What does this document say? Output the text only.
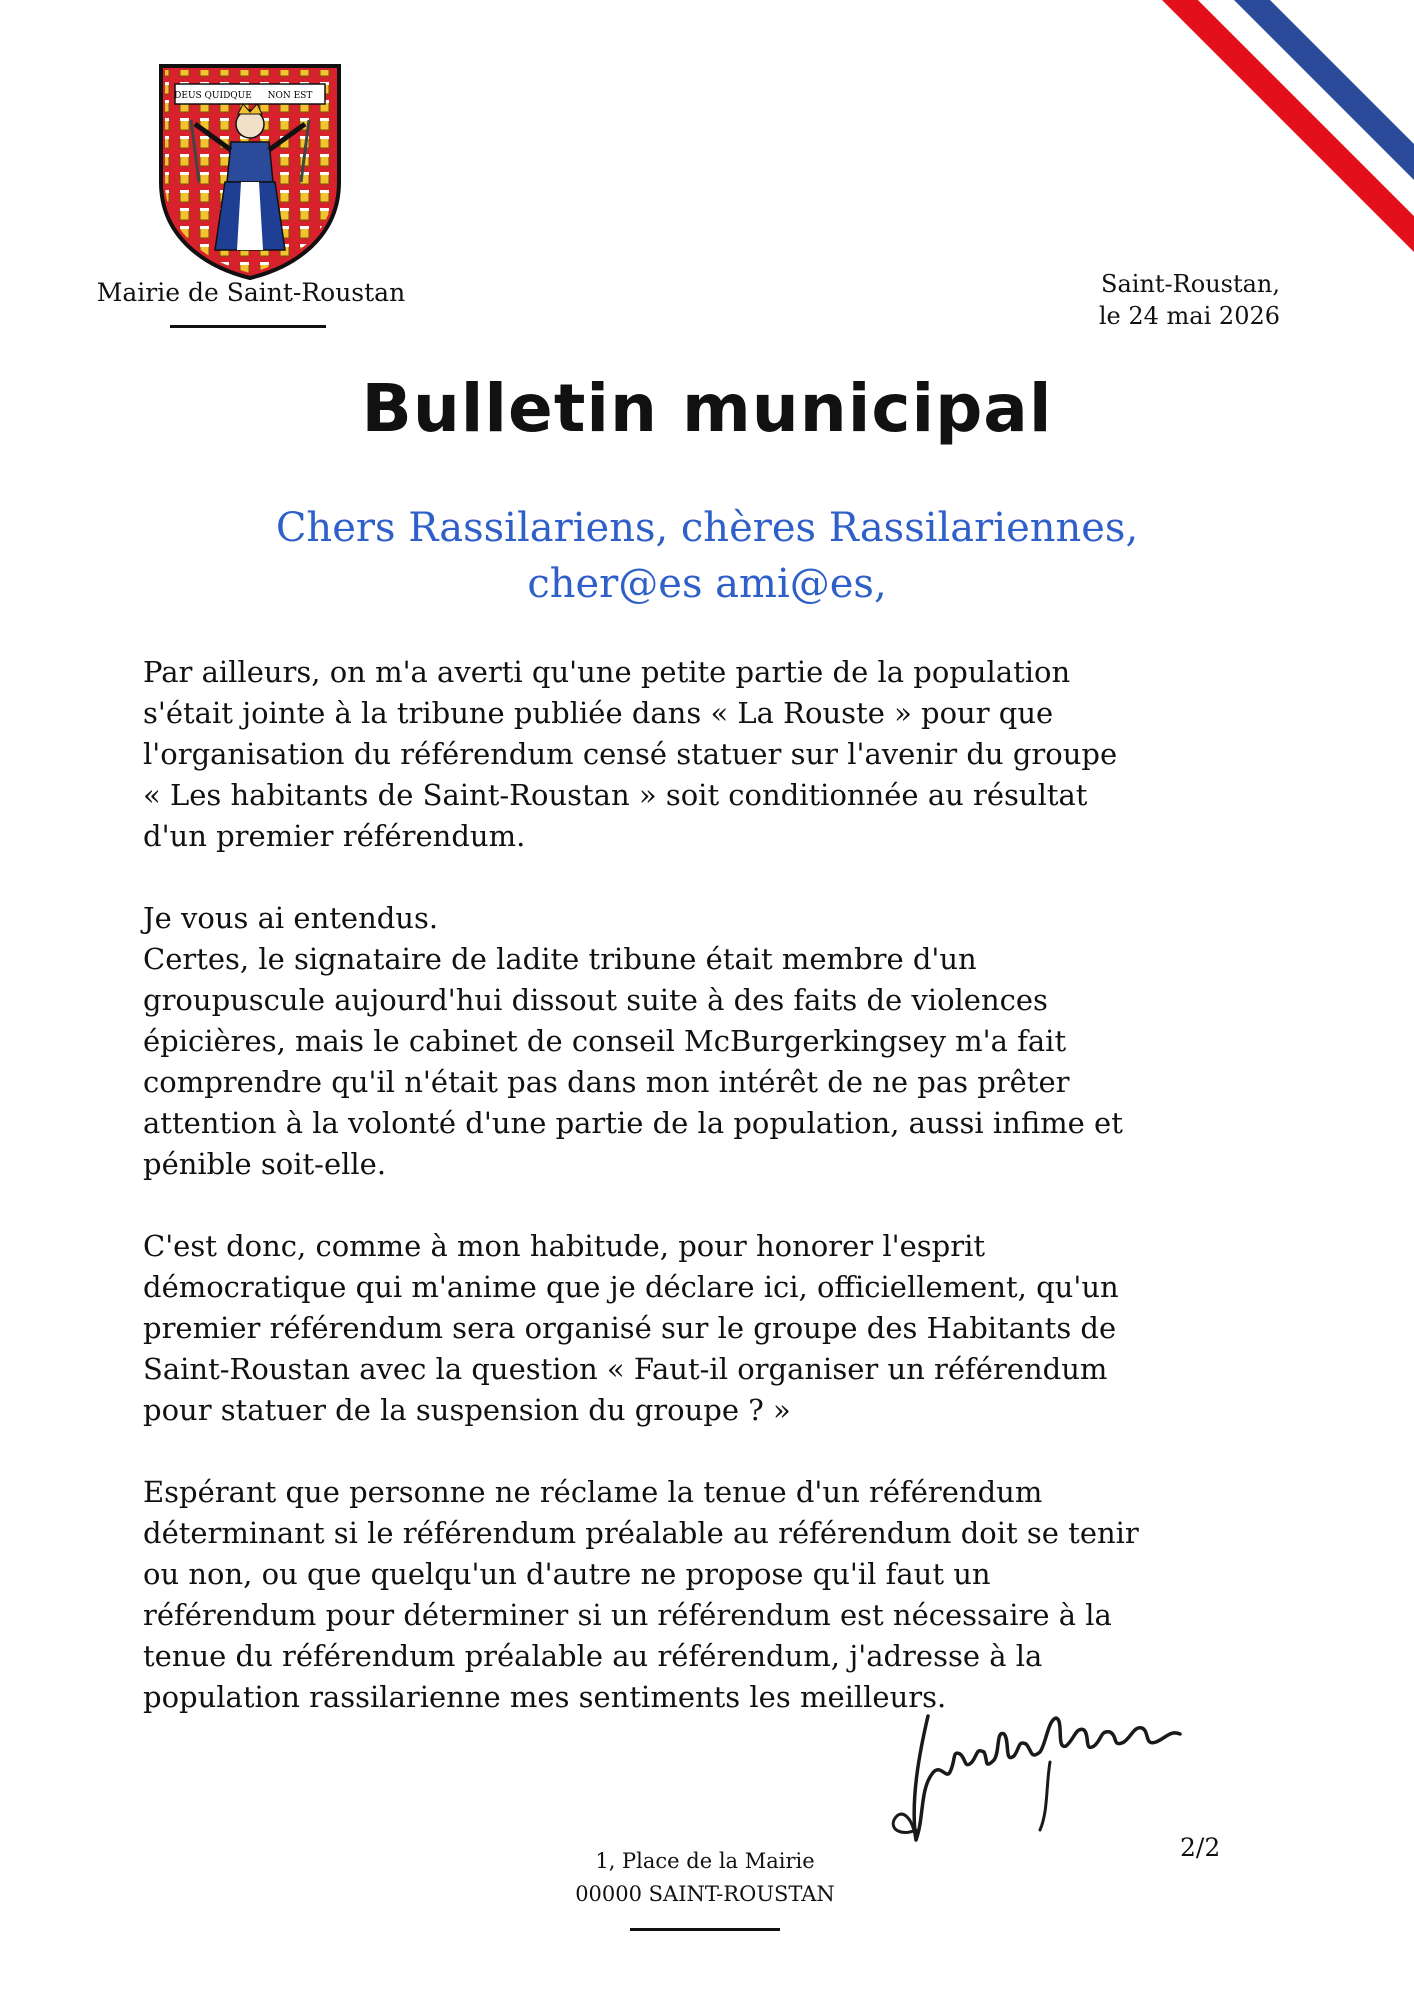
DEUS QUIDQUE NON EST
Mairie de Saint-Roustan	Saint-Roustan,
le 24 mai 2026
Bulletin municipal
Chers Rassilariens, chères Rassilariennes,
cher@es ami@es,

Par ailleurs, on m'a averti qu'une petite partie de la population
s'était jointe à la tribune publiée dans « La Rouste » pour que
l'organisation du référendum censé statuer sur l'avenir du groupe
« Les habitants de Saint-Roustan » soit conditionnée au résultat
d'un premier référendum.

Je vous ai entendus.
Certes, le signataire de ladite tribune était membre d'un
groupuscule aujourd'hui dissout suite à des faits de violences
épicières, mais le cabinet de conseil McBurgerkingsey m'a fait
comprendre qu'il n'était pas dans mon intérêt de ne pas prêter
attention à la volonté d'une partie de la population, aussi infime et
pénible soit-elle.

C'est donc, comme à mon habitude, pour honorer l'esprit
démocratique qui m'anime que je déclare ici, officiellement, qu'un
premier référendum sera organisé sur le groupe des Habitants de
Saint-Roustan avec la question « Faut-il organiser un référendum
pour statuer de la suspension du groupe ? »

Espérant que personne ne réclame la tenue d'un référendum
déterminant si le référendum préalable au référendum doit se tenir
ou non, ou que quelqu'un d'autre ne propose qu'il faut un
référendum pour déterminer si un référendum est nécessaire à la
tenue du référendum préalable au référendum, j'adresse à la
population rassilarienne mes sentiments les meilleurs.

1, Place de la Mairie
00000 SAINT-ROUSTAN
2/2
